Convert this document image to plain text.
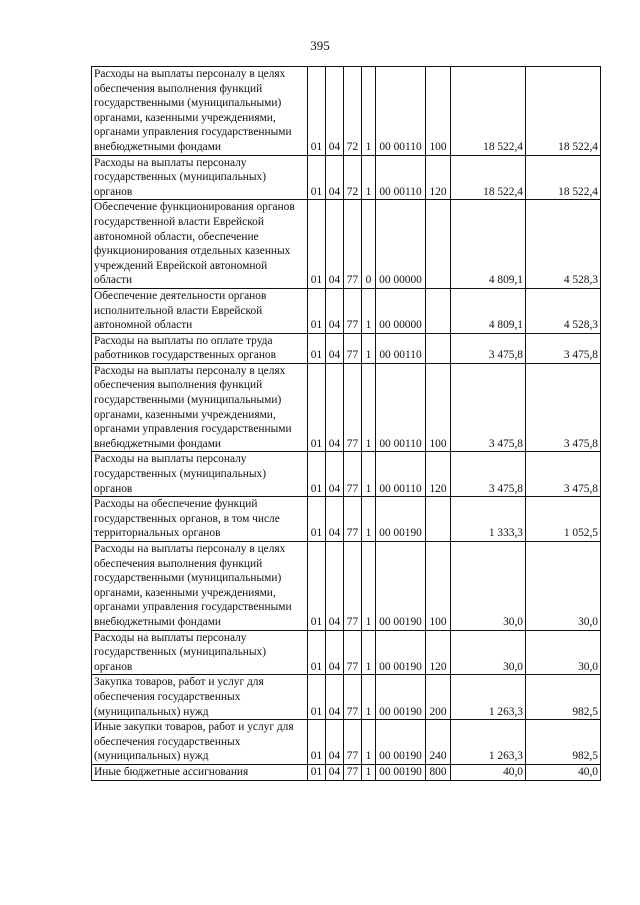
395
Расходы на выплаты персоналу в целях обеспечения выполнения функций государственными (муниципальными) органами, казенными учреждениями, органами управления государственными внебюджетными фондами	01	04	72	1	00 00110	100	18 522,4	18 522,4
Расходы на выплаты персоналу государственных (муниципальных) органов	01	04	72	1	00 00110	120	18 522,4	18 522,4
Обеспечение функционирования органов государственной власти Еврейской автономной области, обеспечение функционирования отдельных казенных учреждений Еврейской автономной области	01	04	77	0	00 00000		4 809,1	4 528,3
Обеспечение деятельности органов исполнительной власти Еврейской автономной области	01	04	77	1	00 00000		4 809,1	4 528,3
Расходы на выплаты по оплате труда работников государственных органов	01	04	77	1	00 00110		3 475,8	3 475,8
Расходы на выплаты персоналу в целях обеспечения выполнения функций государственными (муниципальными) органами, казенными учреждениями, органами управления государственными внебюджетными фондами	01	04	77	1	00 00110	100	3 475,8	3 475,8
Расходы на выплаты персоналу государственных (муниципальных) органов	01	04	77	1	00 00110	120	3 475,8	3 475,8
Расходы на обеспечение функций государственных органов, в том числе территориальных органов	01	04	77	1	00 00190		1 333,3	1 052,5
Расходы на выплаты персоналу в целях обеспечения выполнения функций государственными (муниципальными) органами, казенными учреждениями, органами управления государственными внебюджетными фондами	01	04	77	1	00 00190	100	30,0	30,0
Расходы на выплаты персоналу государственных (муниципальных) органов	01	04	77	1	00 00190	120	30,0	30,0
Закупка товаров, работ и услуг для обеспечения государственных (муниципальных) нужд	01	04	77	1	00 00190	200	1 263,3	982,5
Иные закупки товаров, работ и услуг для обеспечения государственных (муниципальных) нужд	01	04	77	1	00 00190	240	1 263,3	982,5
Иные бюджетные ассигнования	01	04	77	1	00 00190	800	40,0	40,0
